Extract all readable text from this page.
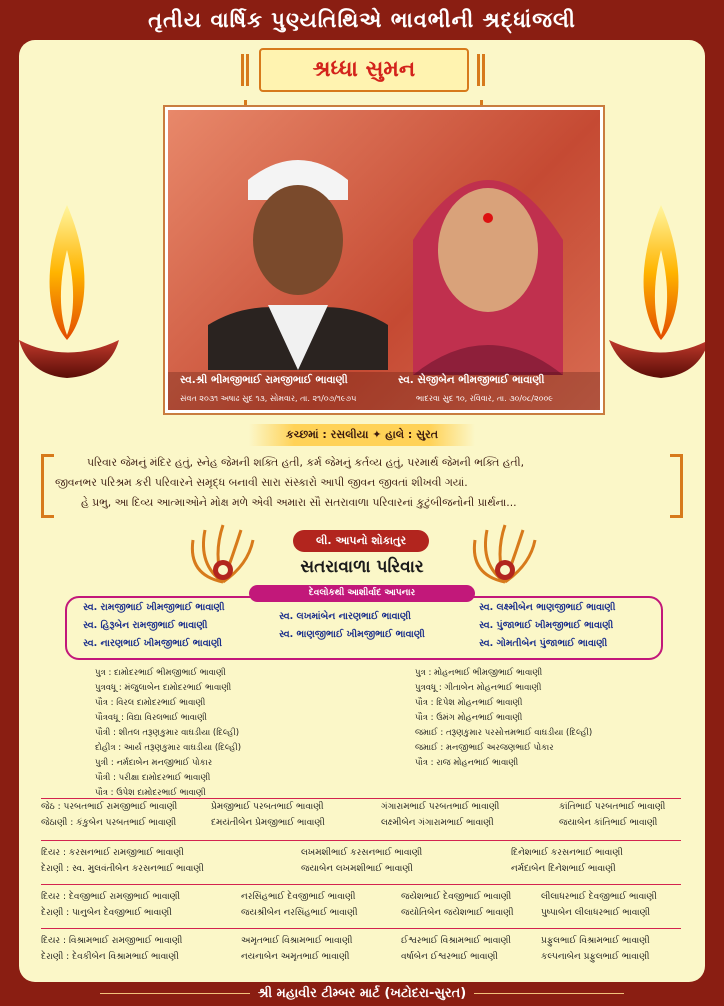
તૃતીય વાર્ષિક પુણ્યતિથિએ ભાવભીની શ્રદ્ધાંજલી
શ્રધ્ધા સુમન
સ્વ.શ્રી ભીમજીભાઈ રામજીભાઈ ભાવાણી
સંવત ૨૦૩૧ અષાઢ સુદ ૧૩, સોમવાર, તા. ૨૧/૦૭/૧૯૭૫
સ્વ. સેજીબેન ભીમજીભાઈ ભાવાણી
ભાદરવા સુદ ૧૦, રવિવાર, તા. ૩૦/૦૮/૨૦૦૯
કચ્છમાં : રસલીયા ✦ હાલે : સુરત

પરિવાર જેમનું મંદિર હતું, સ્નેહ જેમની શક્તિ હતી, કર્મ જેમનું કર્તવ્ય હતું, પરમાર્થ જેમની ભક્તિ હતી,

જીવનભર પરિશ્રમ કરી પરિવારને સમૃદ્ધ બનાવી સારા સંસ્કારો આપી જીવન જીવતાં શીખવી ગયાં.

હે પ્રભુ, આ દિવ્ય આત્માઓને મોક્ષ મળે એવી અમારા સૌ સતરાવાળા પરિવારનાં કુટુંબીજનોની પ્રાર્થના...

લી. આપનો શોકાતુર
સતરાવાળા પરિવાર
સ્વ. રામજીભાઈ ખીમજીભાઈ ભાવાણી
સ્વ. હિરૂબેન રામજીભાઈ ભાવાણી
સ્વ. નારણભાઈ ખીમજીભાઈ ભાવાણી
સ્વ. લખમાંબેન નારણભાઈ ભાવાણી
સ્વ. ભાણજીભાઈ ખીમજીભાઈ ભાવાણી
સ્વ. લક્ષ્મીબેન ભાણજીભાઈ ભાવાણી
સ્વ. પુંજાભાઈ ખીમજીભાઈ ભાવાણી
સ્વ. ગોમતીબેન પુંજાભાઈ ભાવાણી
દેવલોકથી આશીર્વાદ આપનાર
પુત્ર : દામોદરભાઈ ભીમજીભાઈ ભાવાણી
પુત્રવધૂ : મંજુલાબેન દામોદરભાઈ ભાવાણી
પૌત્ર : વિરલ દામોદરભાઈ ભાવાણી
પૌત્રવધૂ : વિદ્યા વિરલભાઈ ભાવાણી
પૌત્રી : શીતલ તરૂણકુમાર વાઘડીયા (દિલ્હી)
દોહીત્ર : આર્ય તરૂણકુમાર વાઘડીયા (દિલ્હી)
પુત્રી : નર્મદાબેન મનજીભાઈ પોકાર
પૌત્રી : પરીક્ષા દામોદરભાઈ ભાવાણી
પૌત્ર : ઉપેશ દામોદરભાઈ ભાવાણી
પુત્ર : મોહનભાઈ ભીમજીભાઈ ભાવાણી
પુત્રવધૂ : ગીતાબેન મોહનભાઈ ભાવાણી
પૌત્ર : દિપેશ મોહનભાઈ ભાવાણી
પૌત્ર : ઉમંગ મોહનભાઈ ભાવાણી
જમાઈ : તરૂણકુમાર પરસોત્તમભાઈ વાઘડીયા (દિલ્હી)
જમાઈ : મનજીભાઈ અરજણભાઈ પોકાર
પૌત્ર : રાજ મોહનભાઈ ભાવાણી
જેઠ : પરબતભાઈ રામજીભાઈ ભાવાણી	પ્રેમજીભાઈ પરબતભાઈ ભાવાણી	ગંગારામભાઈ પરબતભાઈ ભાવાણી	કાંતિભાઈ પરબતભાઈ ભાવાણી
જેઠાણી : કંકુબેન પરબતભાઈ ભાવાણી	દમયંતીબેન પ્રેમજીભાઈ ભાવાણી	લક્ષ્મીબેન ગંગારામભાઈ ભાવાણી	જયાબેન કાંતિભાઈ ભાવાણી
દિયર : કરસનભાઈ રામજીભાઈ ભાવાણી	લખમશીભાઈ કરસનભાઈ ભાવાણી	દિનેશભાઈ કરસનભાઈ ભાવાણી
દેરાણી : સ્વ. મુલવંતીબેન કરસનભાઈ ભાવાણી	જયાબેન લખમશીભાઈ ભાવાણી	નર્મદાબેન દિનેશભાઈ ભાવાણી
દિયર : દેવજીભાઈ રામજીભાઈ ભાવાણી	નરસિંહભાઈ દેવજીભાઈ ભાવાણી	જયેશભાઈ દેવજીભાઈ ભાવાણી	લીલાધરભાઈ દેવજીભાઈ ભાવાણી
દેરાણી : પાનુબેન દેવજીભાઈ ભાવાણી	જયશ્રીબેન નરસિંહભાઈ ભાવાણી	જયોતિબેન જયેશભાઈ ભાવાણી	પુષ્પાબેન લીલાધરભાઈ ભાવાણી
દિયર : વિશ્રામભાઈ રામજીભાઈ ભાવાણી	અમૃતભાઈ વિશ્રામભાઈ ભાવાણી	ઈશ્વરભાઈ વિશ્રામભાઈ ભાવાણી	પ્રફુલભાઈ વિશ્રામભાઈ ભાવાણી
દેરાણી : દેવકીબેન વિશ્રામભાઈ ભાવાણી	નયનાબેન અમૃતભાઈ ભાવાણી	વર્ષાબેન ઈશ્વરભાઈ ભાવાણી	કલ્પનાબેન પ્રફુલભાઈ ભાવાણી
શ્રી મહાવીર ટીમ્બર માર્ટ (ખટોદરા-સુરત)
